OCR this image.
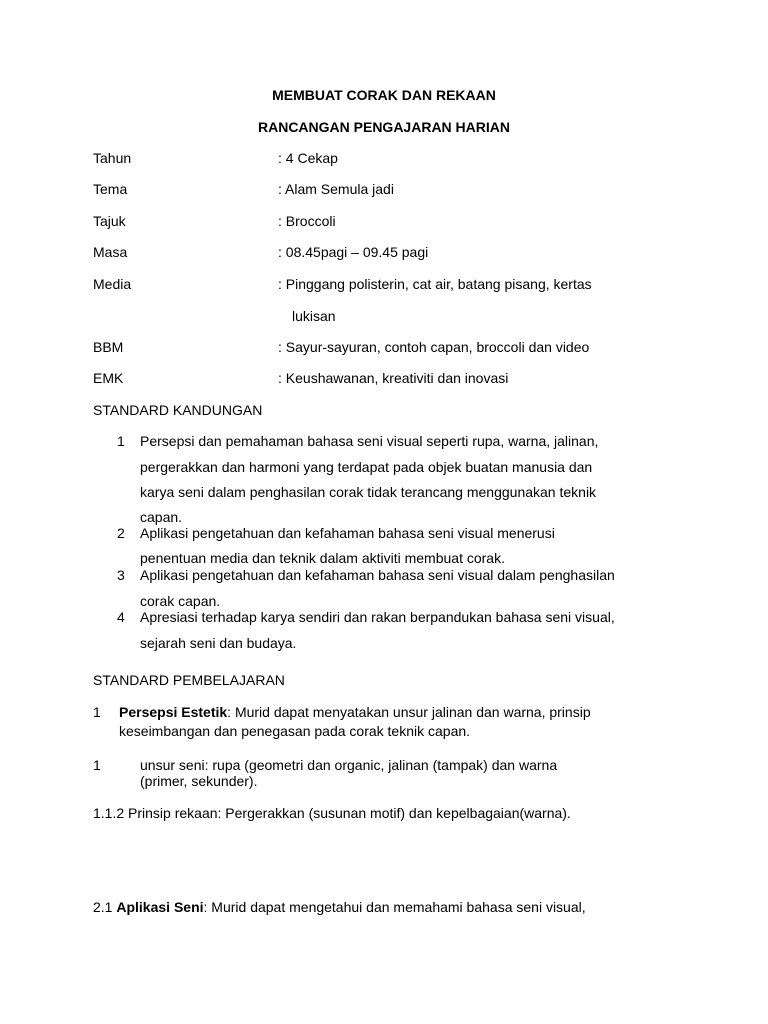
MEMBUAT CORAK DAN REKAAN
RANCANGAN PENGAJARAN HARIAN
Tahun	: 4 Cekap
Tema	: Alam Semula jadi
Tajuk	: Broccoli
Masa	: 08.45pagi – 09.45 pagi
Media	: Pinggang polisterin, cat air, batang pisang, kertas
lukisan
BBM	: Sayur-sayuran, contoh capan, broccoli dan video
EMK	: Keushawanan, kreativiti dan inovasi
STANDARD KANDUNGAN
1 Persepsi dan pemahaman bahasa seni visual seperti rupa, warna, jalinan,
pergerakkan dan harmoni yang terdapat pada objek buatan manusia dan
karya seni dalam penghasilan corak tidak terancang menggunakan teknik
capan.
2 Aplikasi pengetahuan dan kefahaman bahasa seni visual menerusi
penentuan media dan teknik dalam aktiviti membuat corak.
3 Aplikasi pengetahuan dan kefahaman bahasa seni visual dalam penghasilan
corak capan.
4 Apresiasi terhadap karya sendiri dan rakan berpandukan bahasa seni visual,
sejarah seni dan budaya.
STANDARD PEMBELAJARAN
1 Persepsi Estetik: Murid dapat menyatakan unsur jalinan dan warna, prinsip
keseimbangan dan penegasan pada corak teknik capan.
1	unsur seni: rupa (geometri dan organic, jalinan (tampak) dan warna
(primer, sekunder).
1.1.2 Prinsip rekaan: Pergerakkan (susunan motif) dan kepelbagaian(warna).
2.1 Aplikasi Seni: Murid dapat mengetahui dan memahami bahasa seni visual,
